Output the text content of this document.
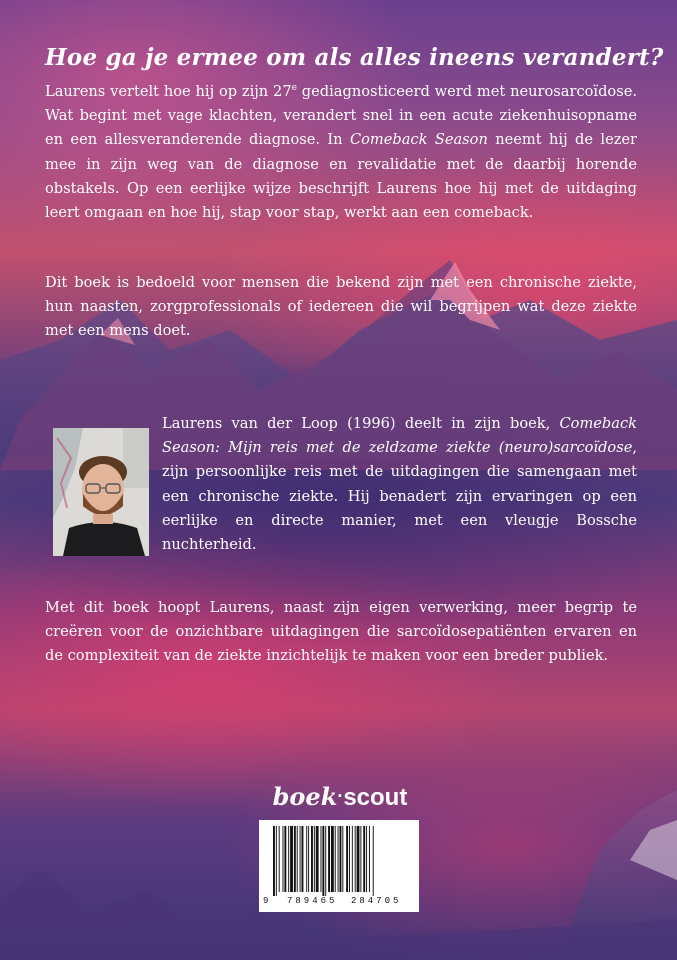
Hoe ga je ermee om als alles ineens verandert?
Laurens vertelt hoe hij op zijn 27e gediagnosticeerd werd met neurosarcoïdose. Wat begint met vage klachten, verandert snel in een acute ziekenhuisopname en een allesveranderende diagnose. In Comeback Season neemt hij de lezer mee in zijn weg van de diagnose en revalidatie met de daarbij horende obstakels. Op een eerlijke wijze beschrijft Laurens hoe hij met de uitdaging leert omgaan en hoe hij, stap voor stap, werkt aan een comeback.
Dit boek is bedoeld voor mensen die bekend zijn met een chronische ziekte, hun naasten, zorgprofessionals of iedereen die wil begrijpen wat deze ziekte met een mens doet.
Laurens van der Loop (1996) deelt in zijn boek, Comeback Season: Mijn reis met de zeldzame ziekte (neuro)sarcoïdose, zijn persoonlijke reis met de uitdagingen die samengaan met een chronische ziekte. Hij benadert zijn ervaringen op een eerlijke en directe manier, met een vleugje Bossche nuchterheid.
Met dit boek hoopt Laurens, naast zijn eigen verwerking, meer begrip te creëren voor de onzichtbare uitdagingen die sarcoïdosepatiënten ervaren en de complexiteit van de ziekte inzichtelijk te maken voor een breder publiek.
boek·scout
9 789465 284705
